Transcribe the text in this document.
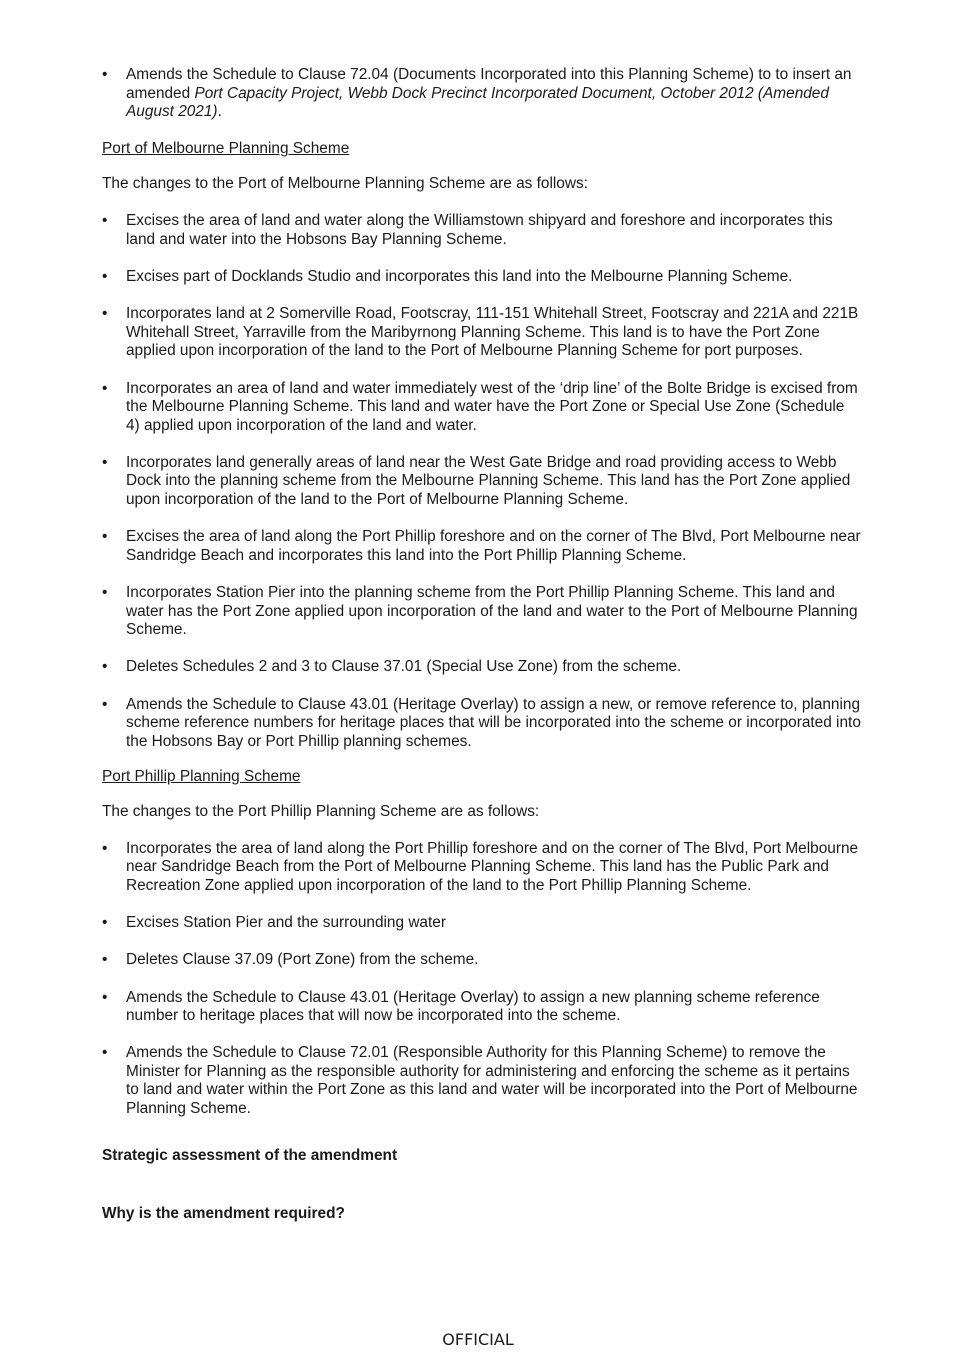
• Amends the Schedule to Clause 72.04 (Documents Incorporated into this Planning Scheme) to to insert an amended Port Capacity Project, Webb Dock Precinct Incorporated Document, October 2012 (Amended August 2021).

Port of Melbourne Planning Scheme

The changes to the Port of Melbourne Planning Scheme are as follows:

• Excises the area of land and water along the Williamstown shipyard and foreshore and incorporates this land and water into the Hobsons Bay Planning Scheme.
• Excises part of Docklands Studio and incorporates this land into the Melbourne Planning Scheme.
• Incorporates land at 2 Somerville Road, Footscray, 111-151 Whitehall Street, Footscray and 221A and 221B Whitehall Street, Yarraville from the Maribyrnong Planning Scheme. This land is to have the Port Zone applied upon incorporation of the land to the Port of Melbourne Planning Scheme for port purposes.
• Incorporates an area of land and water immediately west of the ‘drip line’ of the Bolte Bridge is excised from the Melbourne Planning Scheme. This land and water have the Port Zone or Special Use Zone (Schedule 4) applied upon incorporation of the land and water.
• Incorporates land generally areas of land near the West Gate Bridge and road providing access to Webb Dock into the planning scheme from the Melbourne Planning Scheme. This land has the Port Zone applied upon incorporation of the land to the Port of Melbourne Planning Scheme.
• Excises the area of land along the Port Phillip foreshore and on the corner of The Blvd, Port Melbourne near Sandridge Beach and incorporates this land into the Port Phillip Planning Scheme.
• Incorporates Station Pier into the planning scheme from the Port Phillip Planning Scheme. This land and water has the Port Zone applied upon incorporation of the land and water to the Port of Melbourne Planning Scheme.
• Deletes Schedules 2 and 3 to Clause 37.01 (Special Use Zone) from the scheme.
• Amends the Schedule to Clause 43.01 (Heritage Overlay) to assign a new, or remove reference to, planning scheme reference numbers for heritage places that will be incorporated into the scheme or incorporated into the Hobsons Bay or Port Phillip planning schemes.

Port Phillip Planning Scheme

The changes to the Port Phillip Planning Scheme are as follows:

• Incorporates the area of land along the Port Phillip foreshore and on the corner of The Blvd, Port Melbourne near Sandridge Beach from the Port of Melbourne Planning Scheme. This land has the Public Park and Recreation Zone applied upon incorporation of the land to the Port Phillip Planning Scheme.
• Excises Station Pier and the surrounding water
• Deletes Clause 37.09 (Port Zone) from the scheme.
• Amends the Schedule to Clause 43.01 (Heritage Overlay) to assign a new planning scheme reference number to heritage places that will now be incorporated into the scheme.
• Amends the Schedule to Clause 72.01 (Responsible Authority for this Planning Scheme) to remove the Minister for Planning as the responsible authority for administering and enforcing the scheme as it pertains to land and water within the Port Zone as this land and water will be incorporated into the Port of Melbourne Planning Scheme.

Strategic assessment of the amendment

Why is the amendment required?

OFFICIAL
